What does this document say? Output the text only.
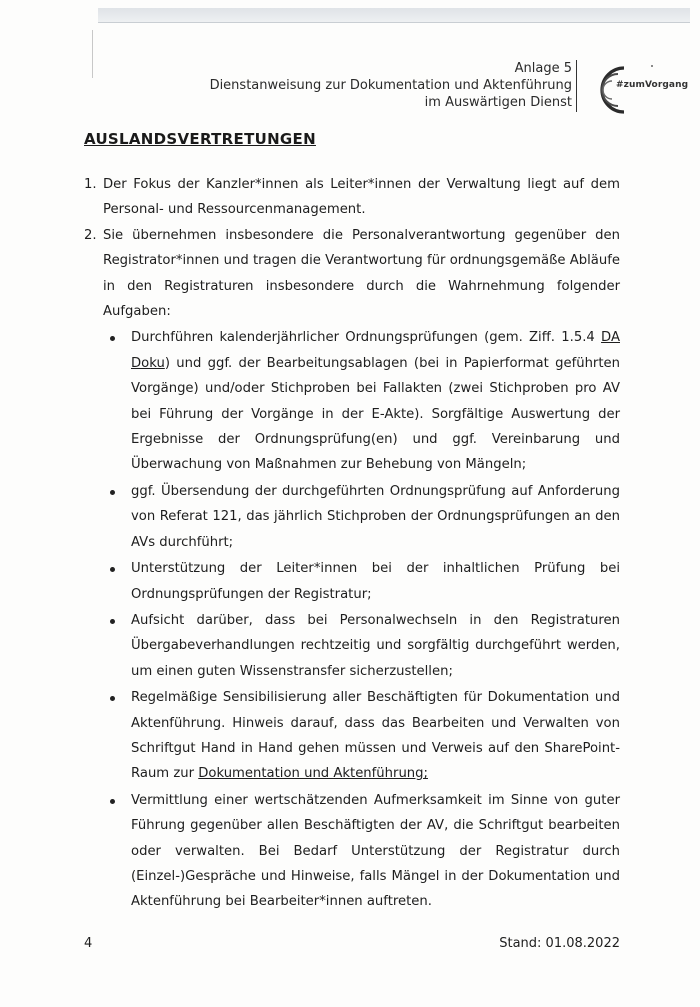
Anlage 5
Dienstanweisung zur Dokumentation und Aktenführung
im Auswärtigen Dienst
#zumVorgang
AUSLANDSVERTRETUNGEN
1. Der Fokus der Kanzler*innen als Leiter*innen der Verwaltung liegt auf dem Personal- und Ressourcenmanagement.
2. Sie übernehmen insbesondere die Personalverantwortung gegenüber den Registrator*innen und tragen die Verantwortung für ordnungsgemäße Abläufe in den Registraturen insbesondere durch die Wahrnehmung folgender Aufgaben:
Durchführen kalenderjährlicher Ordnungsprüfungen (gem. Ziff. 1.5.4 DA Doku) und ggf. der Bearbeitungsablagen (bei in Papierformat geführten Vorgänge) und/oder Stichproben bei Fallakten (zwei Stichproben pro AV bei Führung der Vorgänge in der E-Akte). Sorgfältige Auswertung der Ergebnisse der Ordnungsprüfung(en) und ggf. Vereinbarung und Überwachung von Maßnahmen zur Behebung von Mängeln;
ggf. Übersendung der durchgeführten Ordnungsprüfung auf Anforderung von Referat 121, das jährlich Stichproben der Ordnungsprüfungen an den AVs durchführt;
Unterstützung der Leiter*innen bei der inhaltlichen Prüfung bei Ordnungsprüfungen der Registratur;
Aufsicht darüber, dass bei Personalwechseln in den Registraturen Übergabeverhandlungen rechtzeitig und sorgfältig durchgeführt werden, um einen guten Wissenstransfer sicherzustellen;
Regelmäßige Sensibilisierung aller Beschäftigten für Dokumentation und Aktenführung. Hinweis darauf, dass das Bearbeiten und Verwalten von Schriftgut Hand in Hand gehen müssen und Verweis auf den SharePoint-Raum zur Dokumentation und Aktenführung;
Vermittlung einer wertschätzenden Aufmerksamkeit im Sinne von guter Führung gegenüber allen Beschäftigten der AV, die Schriftgut bearbeiten oder verwalten. Bei Bedarf Unterstützung der Registratur durch (Einzel-)Gespräche und Hinweise, falls Mängel in der Dokumentation und Aktenführung bei Bearbeiter*innen auftreten.
4	Stand: 01.08.2022
